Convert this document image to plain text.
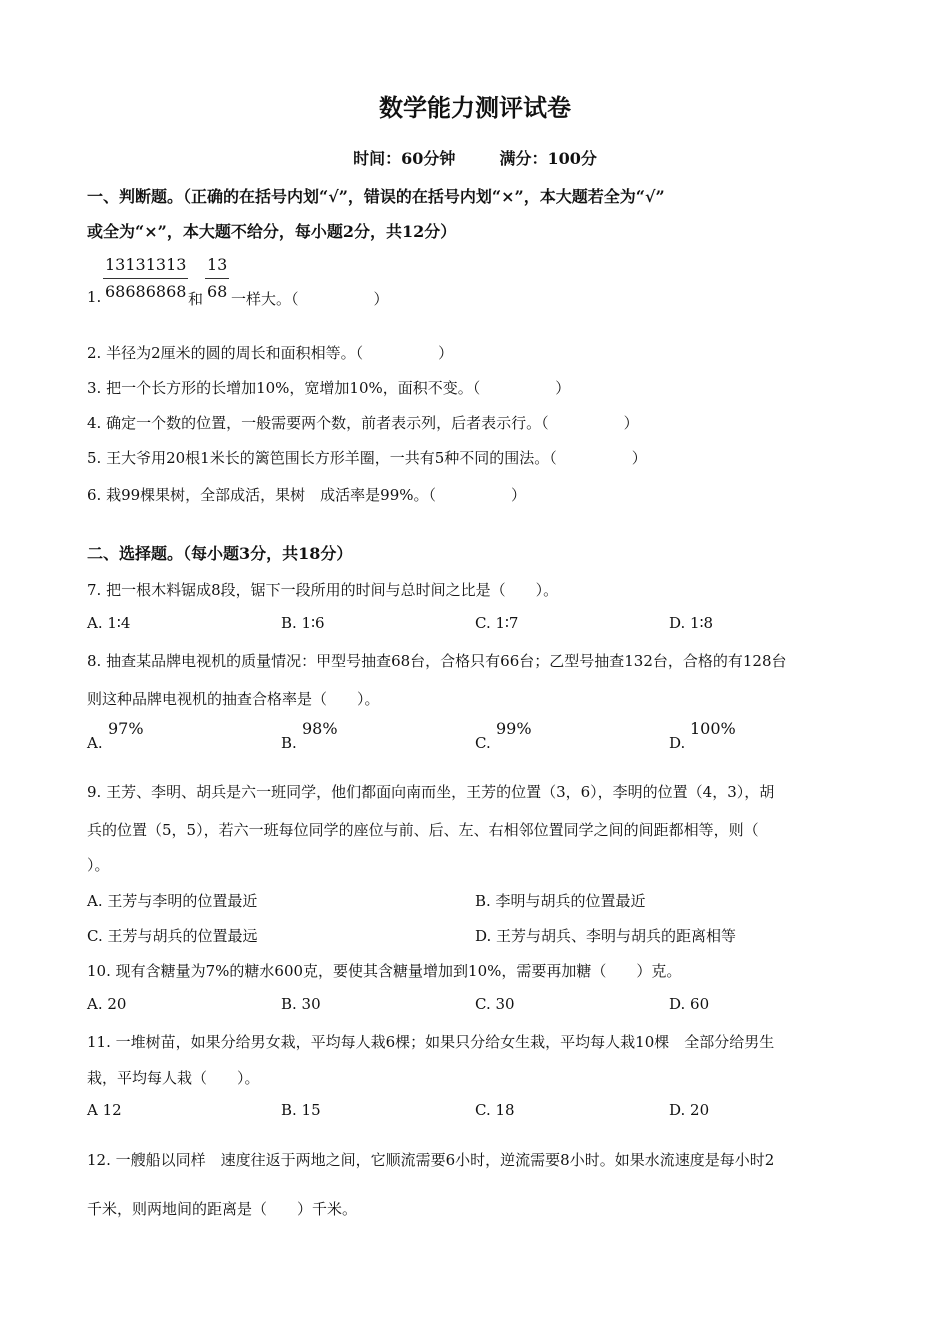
数学能力测评试卷
时间：60分钟	满分：100分
一、判断题。（正确的在括号内划“√”，错误的在括号内划“×”，本大题若全为“√”
或全为“×”，本大题不给分，每小题2分，共12分）
1. $\frac{13131313}{68686868}$ 和 $\frac{13}{68}$ 一样大。（　　　　　）
2. 半径为2厘米的圆的周长和面积相等。（　　　　　）
3. 把一个长方形的长增加10%，宽增加10%，面积不变。（　　　　　）
4. 确定一个数的位置，一般需要两个数，前者表示列，后者表示行。（　　　　　）
5. 王大爷用20根1米长的篱笆围长方形羊圈，一共有5种不同的围法。（　　　　　）
6. 栽99棵果树，全部成活，果树　成活率是99%。（　　　　　）
二、选择题。（每小题3分，共18分）
7. 把一根木料锯成8段，锯下一段所用的时间与总时间之比是（　　）。
A. 1∶4	B. 1∶6	C. 1∶7	D. 1∶8
8. 抽查某品牌电视机的质量情况：甲型号抽查68台，合格只有66台；乙型号抽查132台，合格的有128台
则这种品牌电视机的抽查合格率是（　　）。
A.
97%
B.
98%
C.
99%
D.
100%
9. 王芳、李明、胡兵是六一班同学，他们都面向南而坐，王芳的位置（3，6），李明的位置（4，3），胡
兵的位置（5，5），若六一班每位同学的座位与前、后、左、右相邻位置同学之间的间距都相等，则（
）。
A. 王芳与李明的位置最近	B. 李明与胡兵的位置最近
C. 王芳与胡兵的位置最远	D. 王芳与胡兵、李明与胡兵的距离相等
10. 现有含糖量为7%的糖水600克，要使其含糖量增加到10%，需要再加糖（　　）克。
A. 20	B. 30	C. 30	D. 60
11. 一堆树苗，如果分给男女栽，平均每人栽6棵；如果只分给女生栽，平均每人栽10棵　全部分给男生
栽，平均每人栽（　　）。
A 12	B. 15	C. 18	D. 20
12. 一艘船以同样　速度往返于两地之间，它顺流需要6小时，逆流需要8小时。如果水流速度是每小时2
千米，则两地间的距离是（　　）千米。
